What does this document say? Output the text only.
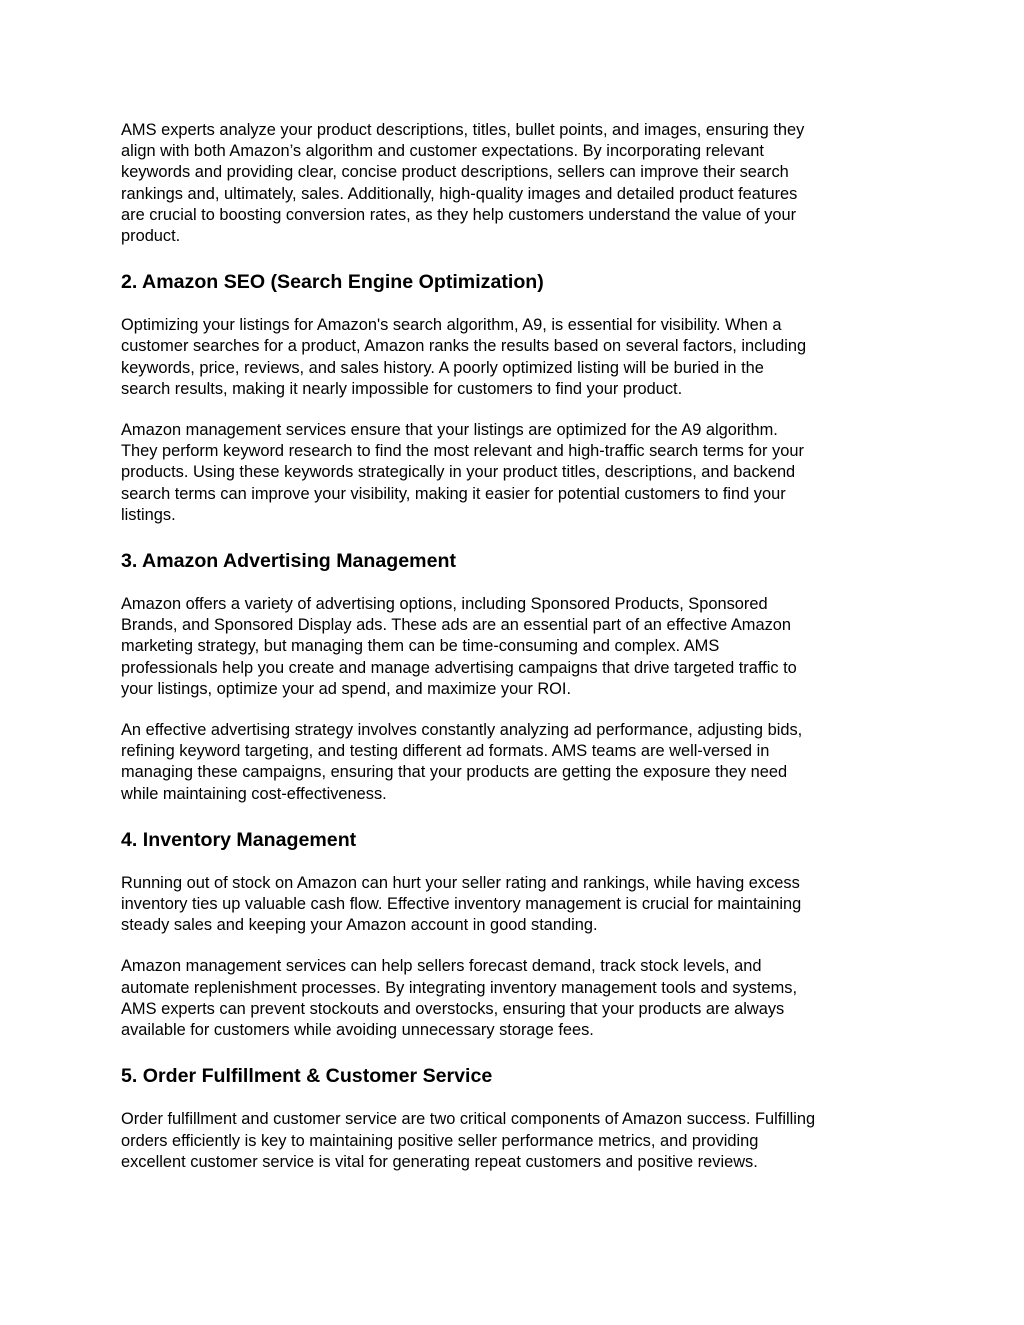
AMS experts analyze your product descriptions, titles, bullet points, and images, ensuring they
align with both Amazon’s algorithm and customer expectations. By incorporating relevant
keywords and providing clear, concise product descriptions, sellers can improve their search
rankings and, ultimately, sales. Additionally, high-quality images and detailed product features
are crucial to boosting conversion rates, as they help customers understand the value of your
product.

2. Amazon SEO (Search Engine Optimization)

Optimizing your listings for Amazon's search algorithm, A9, is essential for visibility. When a
customer searches for a product, Amazon ranks the results based on several factors, including
keywords, price, reviews, and sales history. A poorly optimized listing will be buried in the
search results, making it nearly impossible for customers to find your product.

Amazon management services ensure that your listings are optimized for the A9 algorithm.
They perform keyword research to find the most relevant and high-traffic search terms for your
products. Using these keywords strategically in your product titles, descriptions, and backend
search terms can improve your visibility, making it easier for potential customers to find your
listings.

3. Amazon Advertising Management

Amazon offers a variety of advertising options, including Sponsored Products, Sponsored
Brands, and Sponsored Display ads. These ads are an essential part of an effective Amazon
marketing strategy, but managing them can be time-consuming and complex. AMS
professionals help you create and manage advertising campaigns that drive targeted traffic to
your listings, optimize your ad spend, and maximize your ROI.

An effective advertising strategy involves constantly analyzing ad performance, adjusting bids,
refining keyword targeting, and testing different ad formats. AMS teams are well-versed in
managing these campaigns, ensuring that your products are getting the exposure they need
while maintaining cost-effectiveness.

4. Inventory Management

Running out of stock on Amazon can hurt your seller rating and rankings, while having excess
inventory ties up valuable cash flow. Effective inventory management is crucial for maintaining
steady sales and keeping your Amazon account in good standing.

Amazon management services can help sellers forecast demand, track stock levels, and
automate replenishment processes. By integrating inventory management tools and systems,
AMS experts can prevent stockouts and overstocks, ensuring that your products are always
available for customers while avoiding unnecessary storage fees.

5. Order Fulfillment & Customer Service

Order fulfillment and customer service are two critical components of Amazon success. Fulfilling
orders efficiently is key to maintaining positive seller performance metrics, and providing
excellent customer service is vital for generating repeat customers and positive reviews.
